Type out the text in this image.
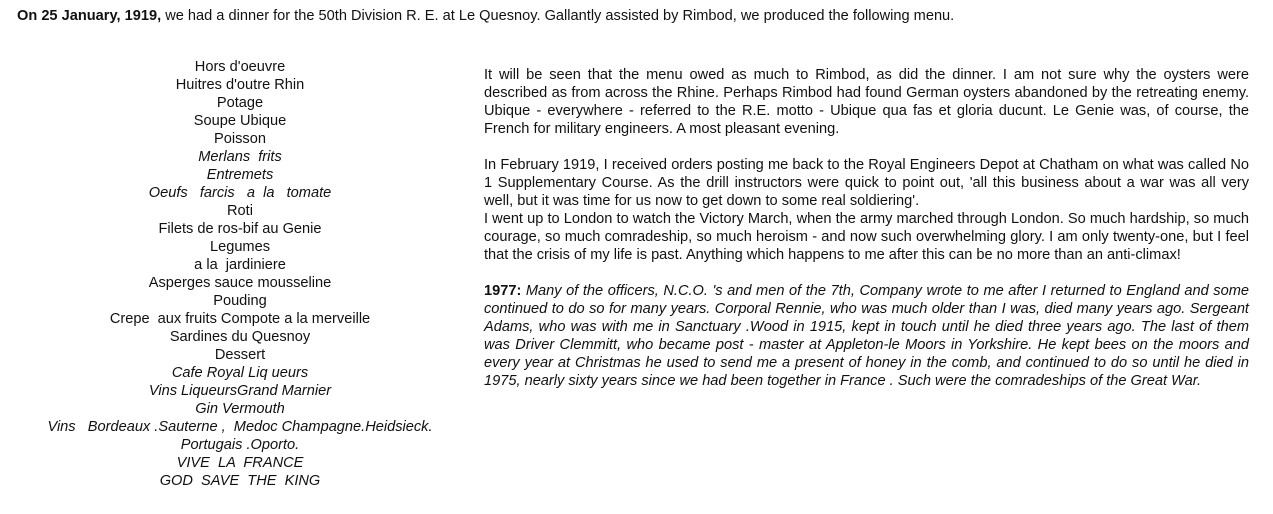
On 25 January, 1919, we had a dinner for the 50th Division R. E. at Le Quesnoy. Gallantly assisted by Rimbod, we produced the following menu.
Hors d'oeuvre
Huitres d'outre Rhin
Potage
Soupe Ubique
Poisson
Merlans  frits
Entremets
Oeufs   farcis   a  la   tomate
Roti
Filets de ros-bif au Genie
Legumes
a la  jardiniere
Asperges sauce mousseline
Pouding
Crepe  aux fruits Compote a la merveille
Sardines du Quesnoy
Dessert
Cafe Royal Liq ueurs
Vins LiqueursGrand Marnier
Gin Vermouth
Vins   Bordeaux .Sauterne ,  Medoc Champagne.Heidsieck.
Portugais .Oporto.
VIVE  LA  FRANCE
GOD  SAVE  THE  KING

It will be seen that the menu owed as much to Rimbod, as did the dinner. I am not sure why the oysters were described as from across the Rhine. Perhaps Rimbod had found German oysters abandoned by the retreating enemy. Ubique - everywhere - referred to the R.E. motto - Ubique qua fas et gloria ducunt. Le Genie was, of course, the French for military engineers. A most pleasant evening.

In February 1919, I received orders posting me back to the Royal Engineers Depot at Chatham on what was called No 1 Supplementary Course. As the drill instructors were quick to point out, 'all this business about a war was all very well, but it was time for us now to get down to some real soldiering'.

I went up to London to watch the Victory March, when the army marched through London. So much hardship, so much courage, so much comradeship, so much heroism - and now such overwhelming glory. I am only twenty-one, but I feel that the crisis of my life is past. Anything which happens to me after this can be no more than an anti-climax!

1977: Many of the officers, N.C.O. 's and men of the 7th, Company wrote to me after I returned to England and some continued to do so for many years. Corporal Rennie, who was much older than I was, died many years ago. Sergeant Adams, who was with me in Sanctuary .Wood in 1915, kept in touch until he died three years ago. The last of them was Driver Clemmitt, who became post - master at Appleton-le Moors in Yorkshire. He kept bees on the moors and every year at Christmas he used to send me a present of honey in the comb, and continued to do so until he died in 1975, nearly sixty years since we had been together in France . Such were the comradeships of the Great War.
